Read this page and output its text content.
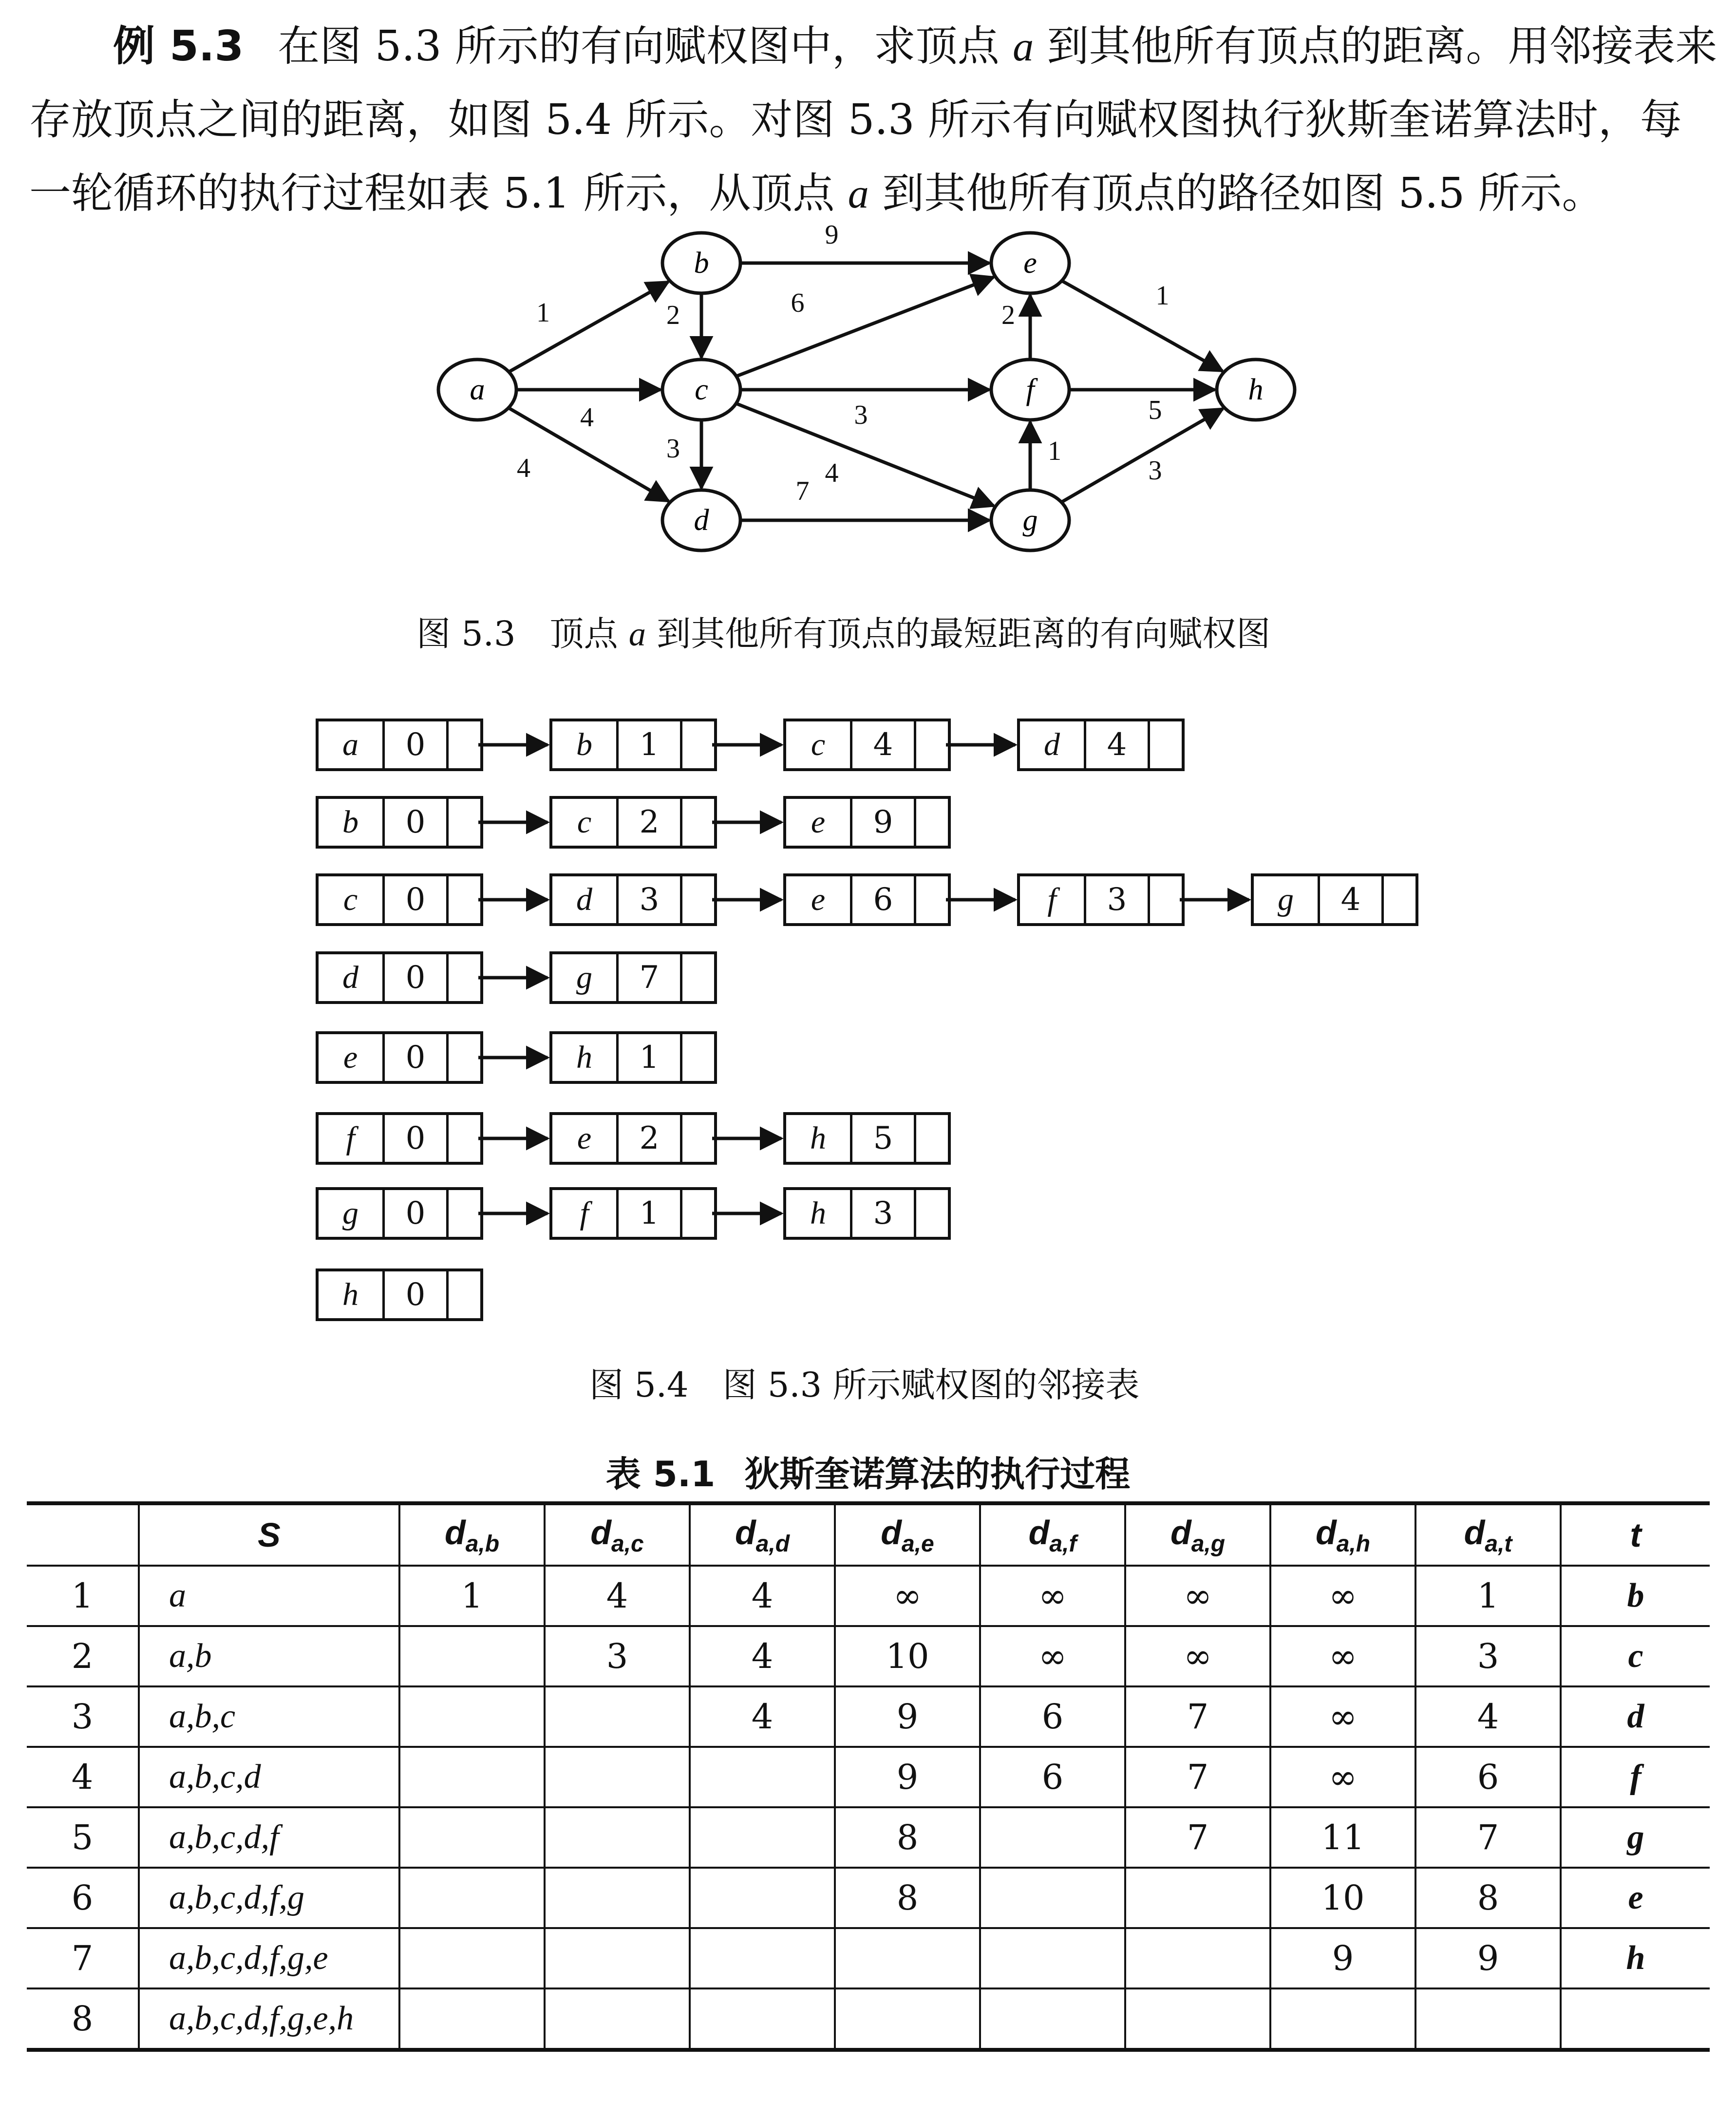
例 5.3 在图 5.3 所示的有向赋权图中，求顶点 a 到其他所有顶点的距离。用邻接表来
存放顶点之间的距离，如图 5.4 所示。对图 5.3 所示有向赋权图执行狄斯奎诺算法时，每
一轮循环的执行过程如表 5.1 所示，从顶点 a 到其他所有顶点的路径如图 5.5 所示。
1
4
4
2
9
3
6
3
4
7
1
2
5
1
3
a
b
c
d
e
f
g
h
图 5.3 顶点 a 到其他所有顶点的最短距离的有向赋权图
a	0	b	1	c	4	d	4
b	0	c	2	e	9
c	0	d	3	e	6	f	3	g	4
d	0	g	7
e	0	h	1
f	0	e	2	h	5
g	0	f	1	h	3
h	0
图 5.4 图 5.3 所示赋权图的邻接表
表 5.1 狄斯奎诺算法的执行过程
	S	$d_{a,b}$	$d_{a,c}$	$d_{a,d}$	$d_{a,e}$	$d_{a,f}$	$d_{a,g}$	$d_{a,h}$	$d_{a,t}$	t
1	a	1	4	4	∞	∞	∞	∞	1	b
2	a,b		3	4	10	∞	∞	∞	3	c
3	a,b,c			4	9	6	7	∞	4	d
4	a,b,c,d				9	6	7	∞	6	f
5	a,b,c,d,f				8		7	11	7	g
6	a,b,c,d,f,g				8			10	8	e
7	a,b,c,d,f,g,e							9	9	h
8	a,b,c,d,f,g,e,h									
